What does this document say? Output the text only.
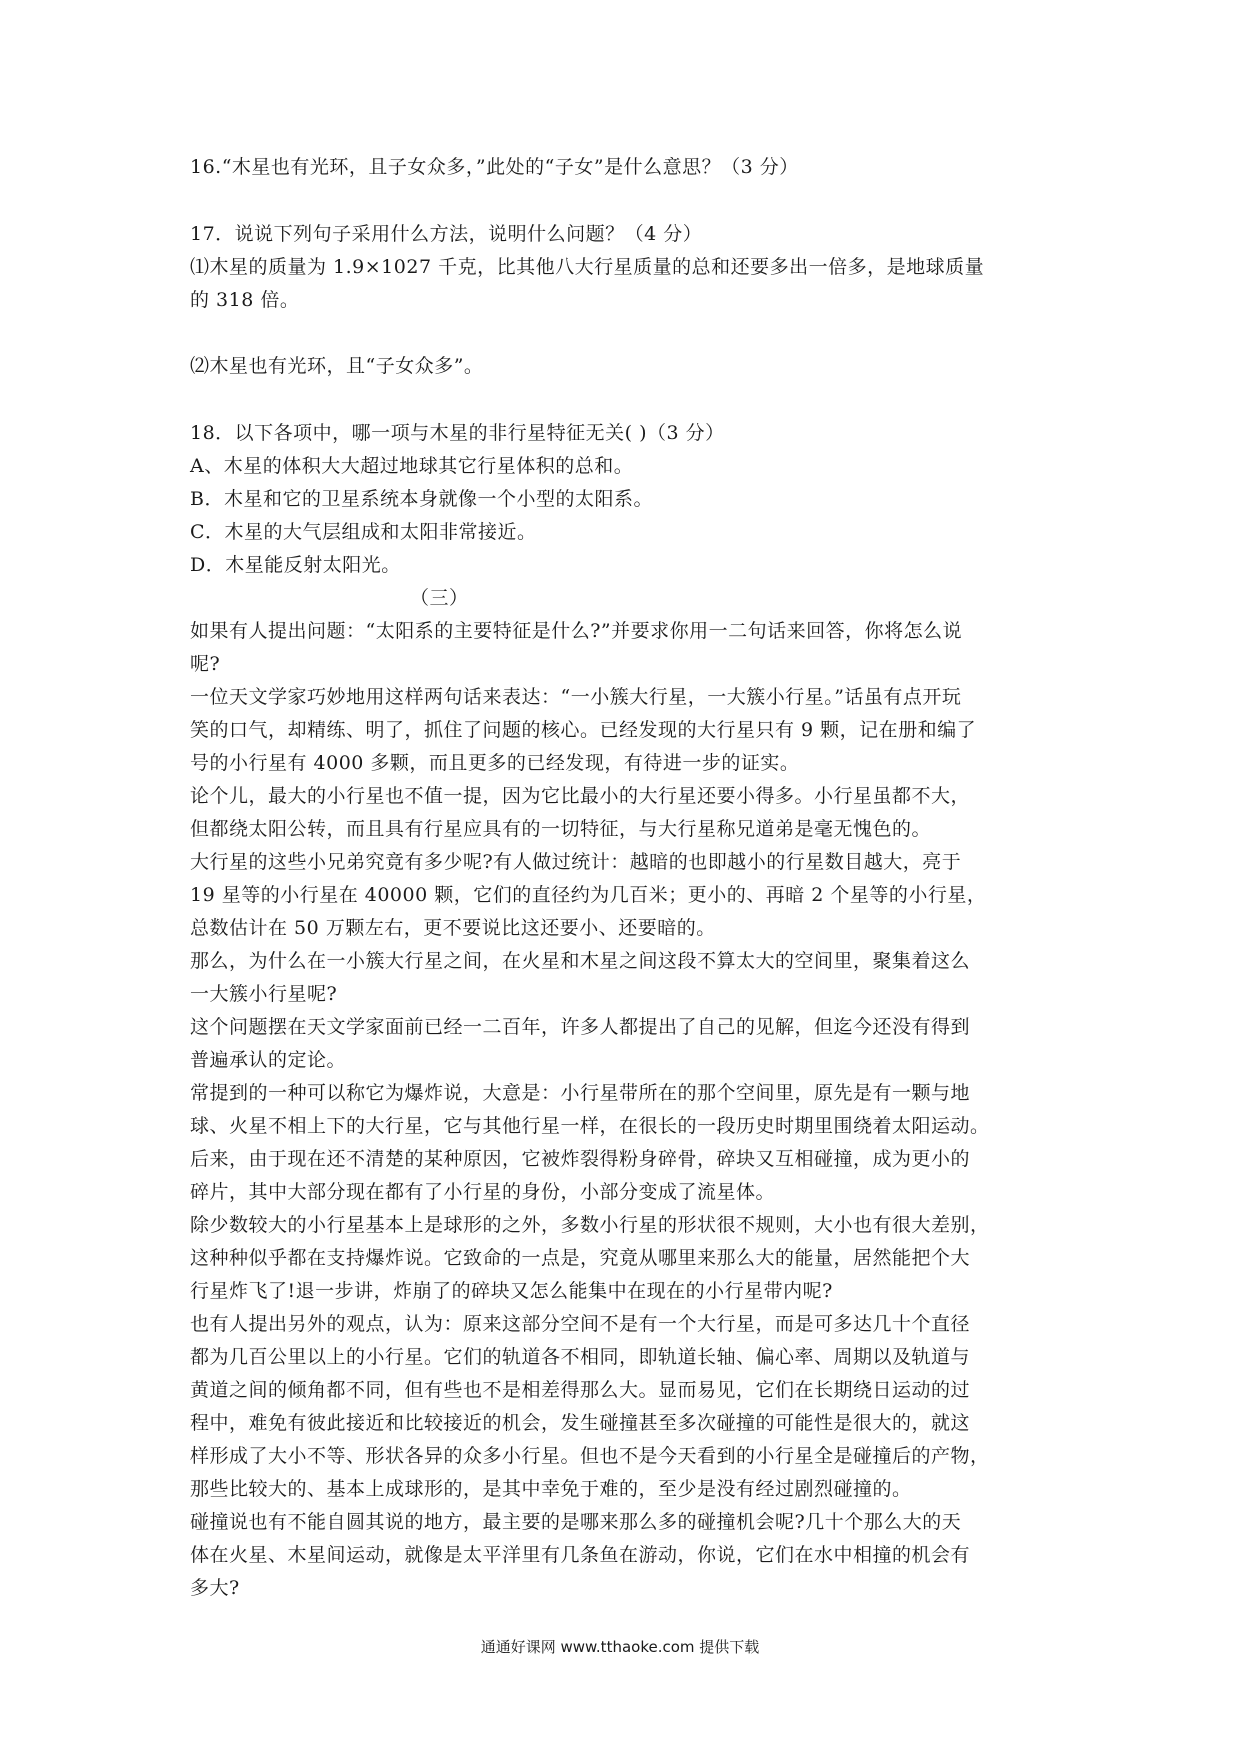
16.“木星也有光环，且子女众多，”此处的“子女”是什么意思？（3 分）
17．说说下列句子采用什么方法，说明什么问题？（4 分）
⑴木星的质量为 1.9×1027 千克，比其他八大行星质量的总和还要多出一倍多，是地球质量
的 318 倍。
⑵木星也有光环，且“子女众多”。
18．以下各项中，哪一项与木星的非行星特征无关( )（3 分）
A、木星的体积大大超过地球其它行星体积的总和。
B．木星和它的卫星系统本身就像一个小型的太阳系。
C．木星的大气层组成和太阳非常接近。
D．木星能反射太阳光。
（三）
如果有人提出问题：“太阳系的主要特征是什么?”并要求你用一二句话来回答，你将怎么说
呢?
一位天文学家巧妙地用这样两句话来表达：“一小簇大行星，一大簇小行星。”话虽有点开玩
笑的口气，却精练、明了，抓住了问题的核心。已经发现的大行星只有 9 颗，记在册和编了
号的小行星有 4000 多颗，而且更多的已经发现，有待进一步的证实。
论个儿，最大的小行星也不值一提，因为它比最小的大行星还要小得多。小行星虽都不大，
但都绕太阳公转，而且具有行星应具有的一切特征，与大行星称兄道弟是毫无愧色的。
大行星的这些小兄弟究竟有多少呢?有人做过统计：越暗的也即越小的行星数目越大，亮于
19 星等的小行星在 40000 颗，它们的直径约为几百米；更小的、再暗 2 个星等的小行星，
总数估计在 50 万颗左右，更不要说比这还要小、还要暗的。
那么，为什么在一小簇大行星之间，在火星和木星之间这段不算太大的空间里，聚集着这么
一大簇小行星呢?
这个问题摆在天文学家面前已经一二百年，许多人都提出了自己的见解，但迄今还没有得到
普遍承认的定论。
常提到的一种可以称它为爆炸说，大意是：小行星带所在的那个空间里，原先是有一颗与地
球、火星不相上下的大行星，它与其他行星一样，在很长的一段历史时期里围绕着太阳运动。
后来，由于现在还不清楚的某种原因，它被炸裂得粉身碎骨，碎块又互相碰撞，成为更小的
碎片，其中大部分现在都有了小行星的身份，小部分变成了流星体。
除少数较大的小行星基本上是球形的之外，多数小行星的形状很不规则，大小也有很大差别，
这种种似乎都在支持爆炸说。它致命的一点是，究竟从哪里来那么大的能量，居然能把个大
行星炸飞了!退一步讲，炸崩了的碎块又怎么能集中在现在的小行星带内呢?
也有人提出另外的观点，认为：原来这部分空间不是有一个大行星，而是可多达几十个直径
都为几百公里以上的小行星。它们的轨道各不相同，即轨道长轴、偏心率、周期以及轨道与
黄道之间的倾角都不同，但有些也不是相差得那么大。显而易见，它们在长期绕日运动的过
程中，难免有彼此接近和比较接近的机会，发生碰撞甚至多次碰撞的可能性是很大的，就这
样形成了大小不等、形状各异的众多小行星。但也不是今天看到的小行星全是碰撞后的产物，
那些比较大的、基本上成球形的，是其中幸免于难的，至少是没有经过剧烈碰撞的。
碰撞说也有不能自圆其说的地方，最主要的是哪来那么多的碰撞机会呢?几十个那么大的天
体在火星、木星间运动，就像是太平洋里有几条鱼在游动，你说，它们在水中相撞的机会有
多大?
通通好课网 www.tthaoke.com 提供下载
